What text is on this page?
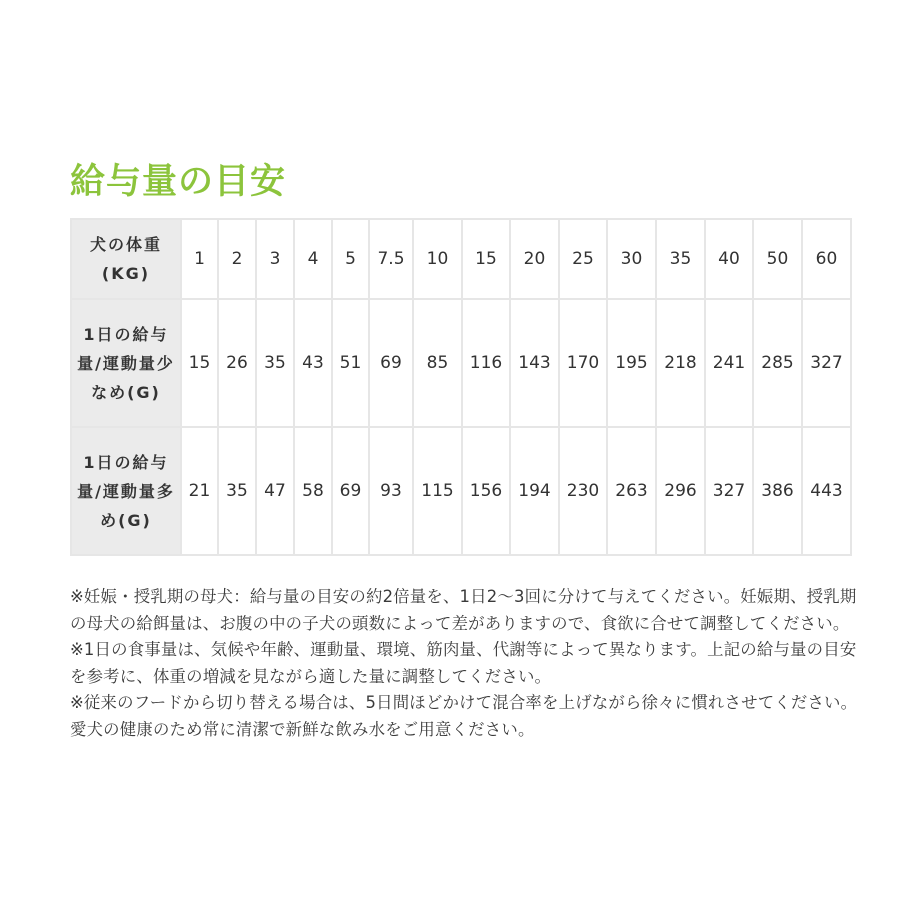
給与量の目安
犬の体重(KG)	1	2	3	4	5	7.5	10	15	20	25	30	35	40	50	60
1日の給与量/運動量少なめ(G)	15	26	35	43	51	69	85	116	143	170	195	218	241	285	327
1日の給与量/運動量多め(G)	21	35	47	58	69	93	115	156	194	230	263	296	327	386	443

※妊娠・授乳期の母犬：給与量の目安の約2倍量を、1日2〜3回に分けて与えてください。妊娠期、授乳期の母犬の給餌量は、お腹の中の子犬の頭数によって差がありますので、食欲に合せて調整してください。

※1日の食事量は、気候や年齢、運動量、環境、筋肉量、代謝等によって異なります。上記の給与量の目安を参考に、体重の増減を見ながら適した量に調整してください。

※従来のフードから切り替える場合は、5日間ほどかけて混合率を上げながら徐々に慣れさせてください。愛犬の健康のため常に清潔で新鮮な飲み水をご用意ください。
